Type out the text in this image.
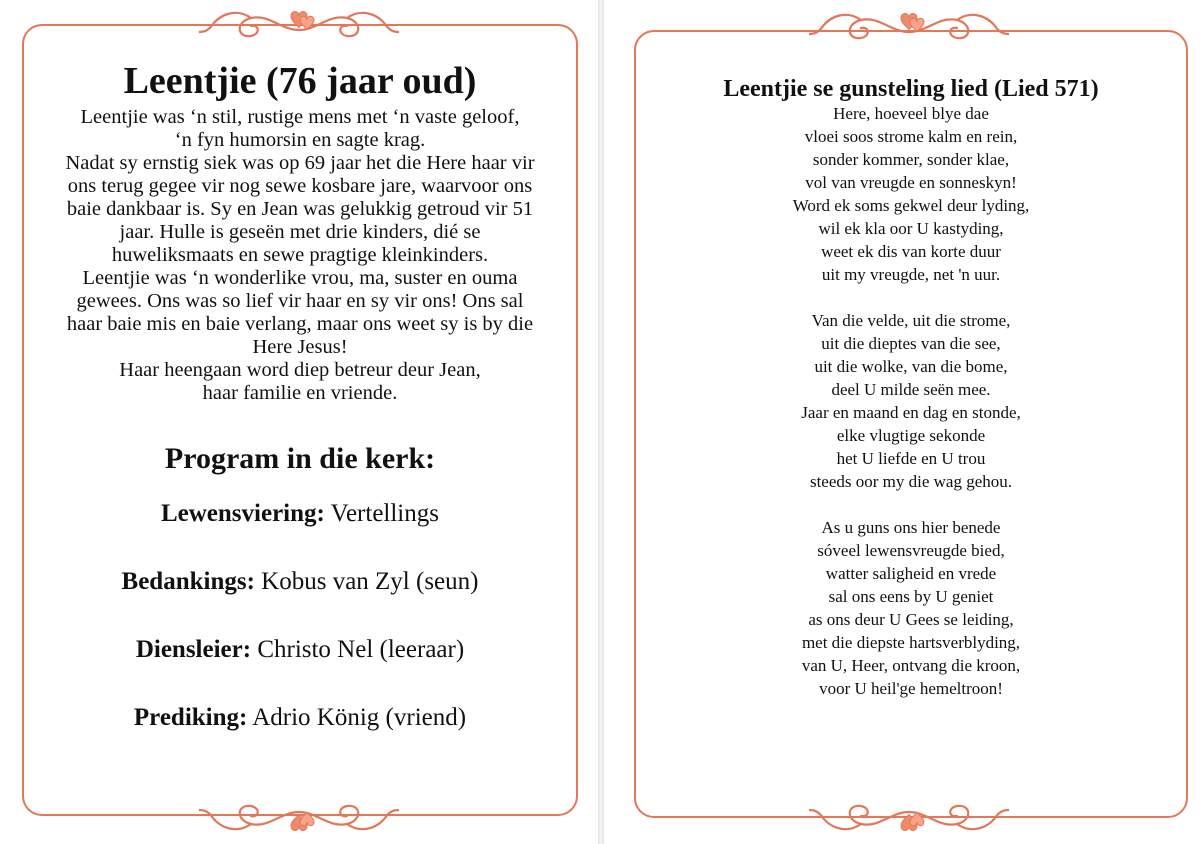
Leentjie (76 jaar oud)

Leentjie was ‘n stil, rustige mens met ‘n vaste geloof,

‘n fyn humorsin en sagte krag.

Nadat sy ernstig siek was op 69 jaar het die Here haar vir

ons terug gegee vir nog sewe kosbare jare, waarvoor ons

baie dankbaar is. Sy en Jean was gelukkig getroud vir 51

jaar. Hulle is geseën met drie kinders, dié se

huweliksmaats en sewe pragtige kleinkinders.

Leentjie was ‘n wonderlike vrou, ma, suster en ouma

gewees. Ons was so lief vir haar en sy vir ons! Ons sal

haar baie mis en baie verlang, maar ons weet sy is by die

Here Jesus!

Haar heengaan word diep betreur deur Jean,

haar familie en vriende.

Program in die kerk:
Lewensviering: Vertellings
Bedankings: Kobus van Zyl (seun)
Diensleier: Christo Nel (leeraar)
Prediking: Adrio König (vriend)
Leentjie se gunsteling lied (Lied 571)

Here, hoeveel blye dae

vloei soos strome kalm en rein,

sonder kommer, sonder klae,

vol van vreugde en sonneskyn!

Word ek soms gekwel deur lyding,

wil ek kla oor U kastyding,

weet ek dis van korte duur

uit my vreugde, net 'n uur.

Van die velde, uit die strome,

uit die dieptes van die see,

uit die wolke, van die bome,

deel U milde seën mee.

Jaar en maand en dag en stonde,

elke vlugtige sekonde

het U liefde en U trou

steeds oor my die wag gehou.

As u guns ons hier benede

sóveel lewensvreugde bied,

watter saligheid en vrede

sal ons eens by U geniet

as ons deur U Gees se leiding,

met die diepste hartsverblyding,

van U, Heer, ontvang die kroon,

voor U heil'ge hemeltroon!
